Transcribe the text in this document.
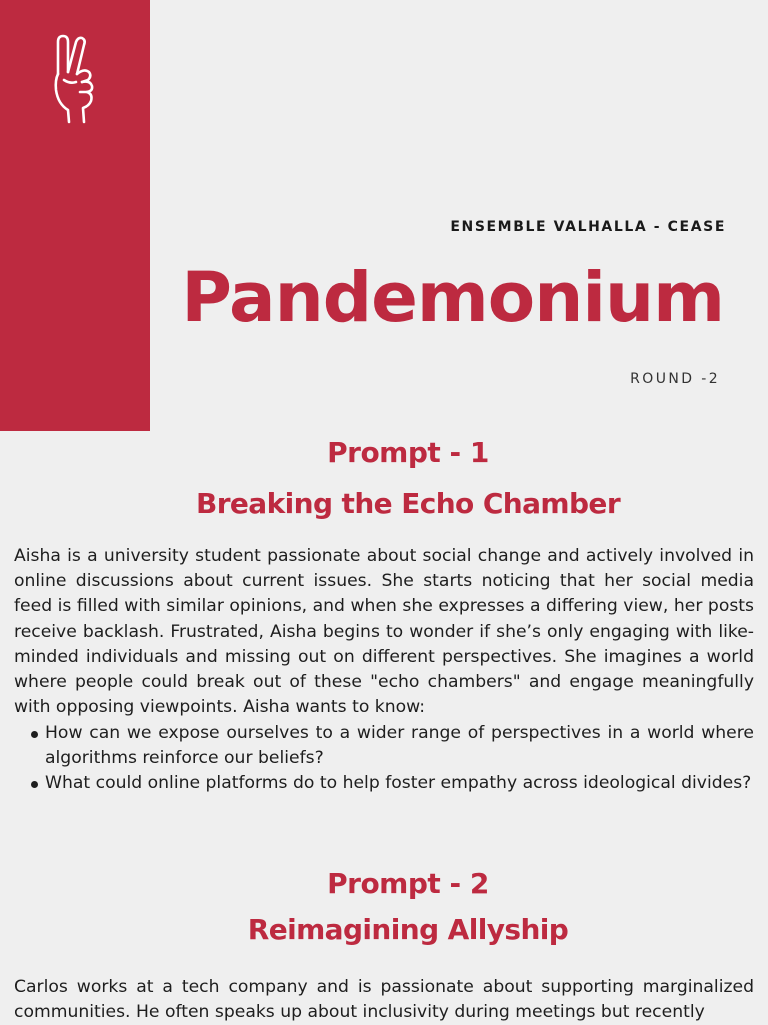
ENSEMBLE VALHALLA - CEASE
Pandemonium
ROUND -2
Prompt - 1
Breaking the Echo Chamber

Aisha is a university student passionate about social change and actively involved in online discussions about current issues. She starts noticing that her social media feed is filled with similar opinions, and when she expresses a differing view, her posts receive backlash. Frustrated, Aisha begins to wonder if she’s only engaging with like-minded individuals and missing out on different perspectives. She imagines a world where people could break out of these "echo chambers" and engage meaningfully with opposing viewpoints. Aisha wants to know:

How can we expose ourselves to a wider range of perspectives in a world where algorithms reinforce our beliefs?
What could online platforms do to help foster empathy across ideological divides?
Prompt - 2
Reimagining Allyship

Carlos works at a tech company and is passionate about supporting marginalized communities. He often speaks up about inclusivity during meetings but recently
